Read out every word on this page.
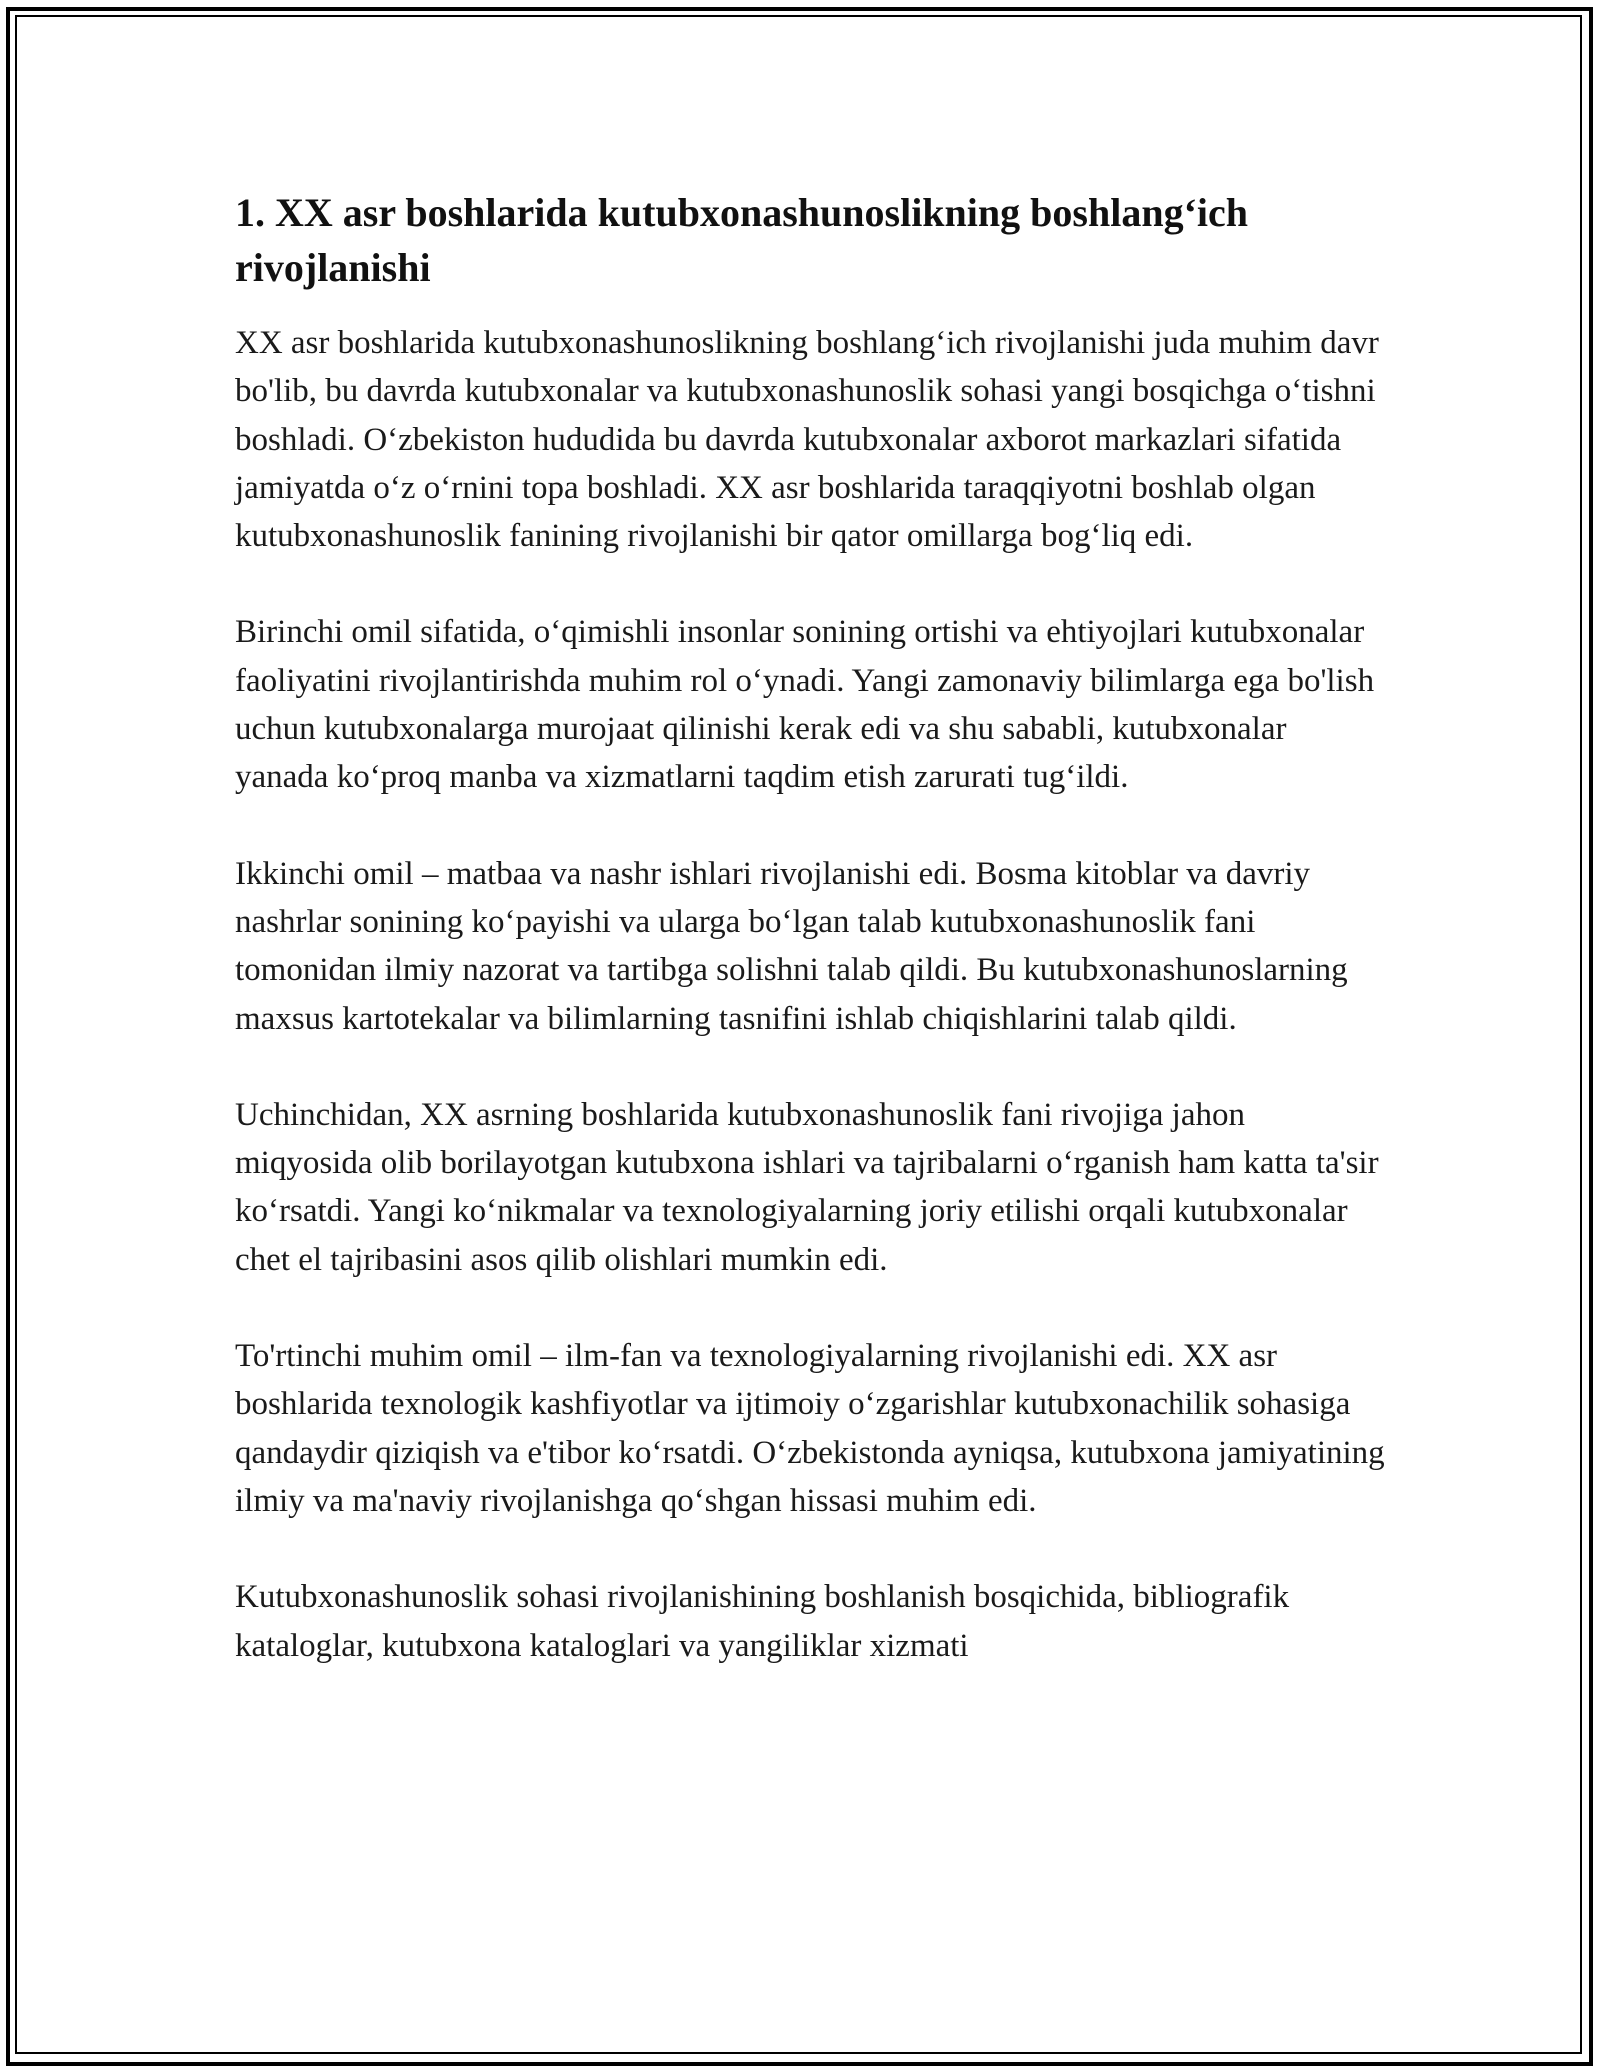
1. XX asr boshlarida kutubxonashunoslikning boshlang‘ich rivojlanishi

XX asr boshlarida kutubxonashunoslikning boshlang‘ich rivojlanishi juda muhim davr bo'lib, bu davrda kutubxonalar va kutubxonashunoslik sohasi yangi bosqichga o‘tishni boshladi. O‘zbekiston hududida bu davrda kutubxonalar axborot markazlari sifatida jamiyatda o‘z o‘rnini topa boshladi. XX asr boshlarida taraqqiyotni boshlab olgan kutubxonashunoslik fanining rivojlanishi bir qator omillarga bog‘liq edi.

Birinchi omil sifatida, o‘qimishli insonlar sonining ortishi va ehtiyojlari kutubxonalar faoliyatini rivojlantirishda muhim rol o‘ynadi. Yangi zamonaviy bilimlarga ega bo'lish uchun kutubxonalarga murojaat qilinishi kerak edi va shu sababli, kutubxonalar yanada ko‘proq manba va xizmatlarni taqdim etish zarurati tug‘ildi.

Ikkinchi omil – matbaa va nashr ishlari rivojlanishi edi. Bosma kitoblar va davriy nashrlar sonining ko‘payishi va ularga bo‘lgan talab kutubxonashunoslik fani tomonidan ilmiy nazorat va tartibga solishni talab qildi. Bu kutubxonashunoslarning maxsus kartotekalar va bilimlarning tasnifini ishlab chiqishlarini talab qildi.

Uchinchidan, XX asrning boshlarida kutubxonashunoslik fani rivojiga jahon miqyosida olib borilayotgan kutubxona ishlari va tajribalarni o‘rganish ham katta ta'sir ko‘rsatdi. Yangi ko‘nikmalar va texnologiyalarning joriy etilishi orqali kutubxonalar chet el tajribasini asos qilib olishlari mumkin edi.

To'rtinchi muhim omil – ilm-fan va texnologiyalarning rivojlanishi edi. XX asr boshlarida texnologik kashfiyotlar va ijtimoiy o‘zgarishlar kutubxonachilik sohasiga qandaydir qiziqish va e'tibor ko‘rsatdi. O‘zbekistonda ayniqsa, kutubxona jamiyatining ilmiy va ma'naviy rivojlanishga qo‘shgan hissasi muhim edi.

Kutubxonashunoslik sohasi rivojlanishining boshlanish bosqichida, bibliografik kataloglar, kutubxona kataloglari va yangiliklar xizmati
